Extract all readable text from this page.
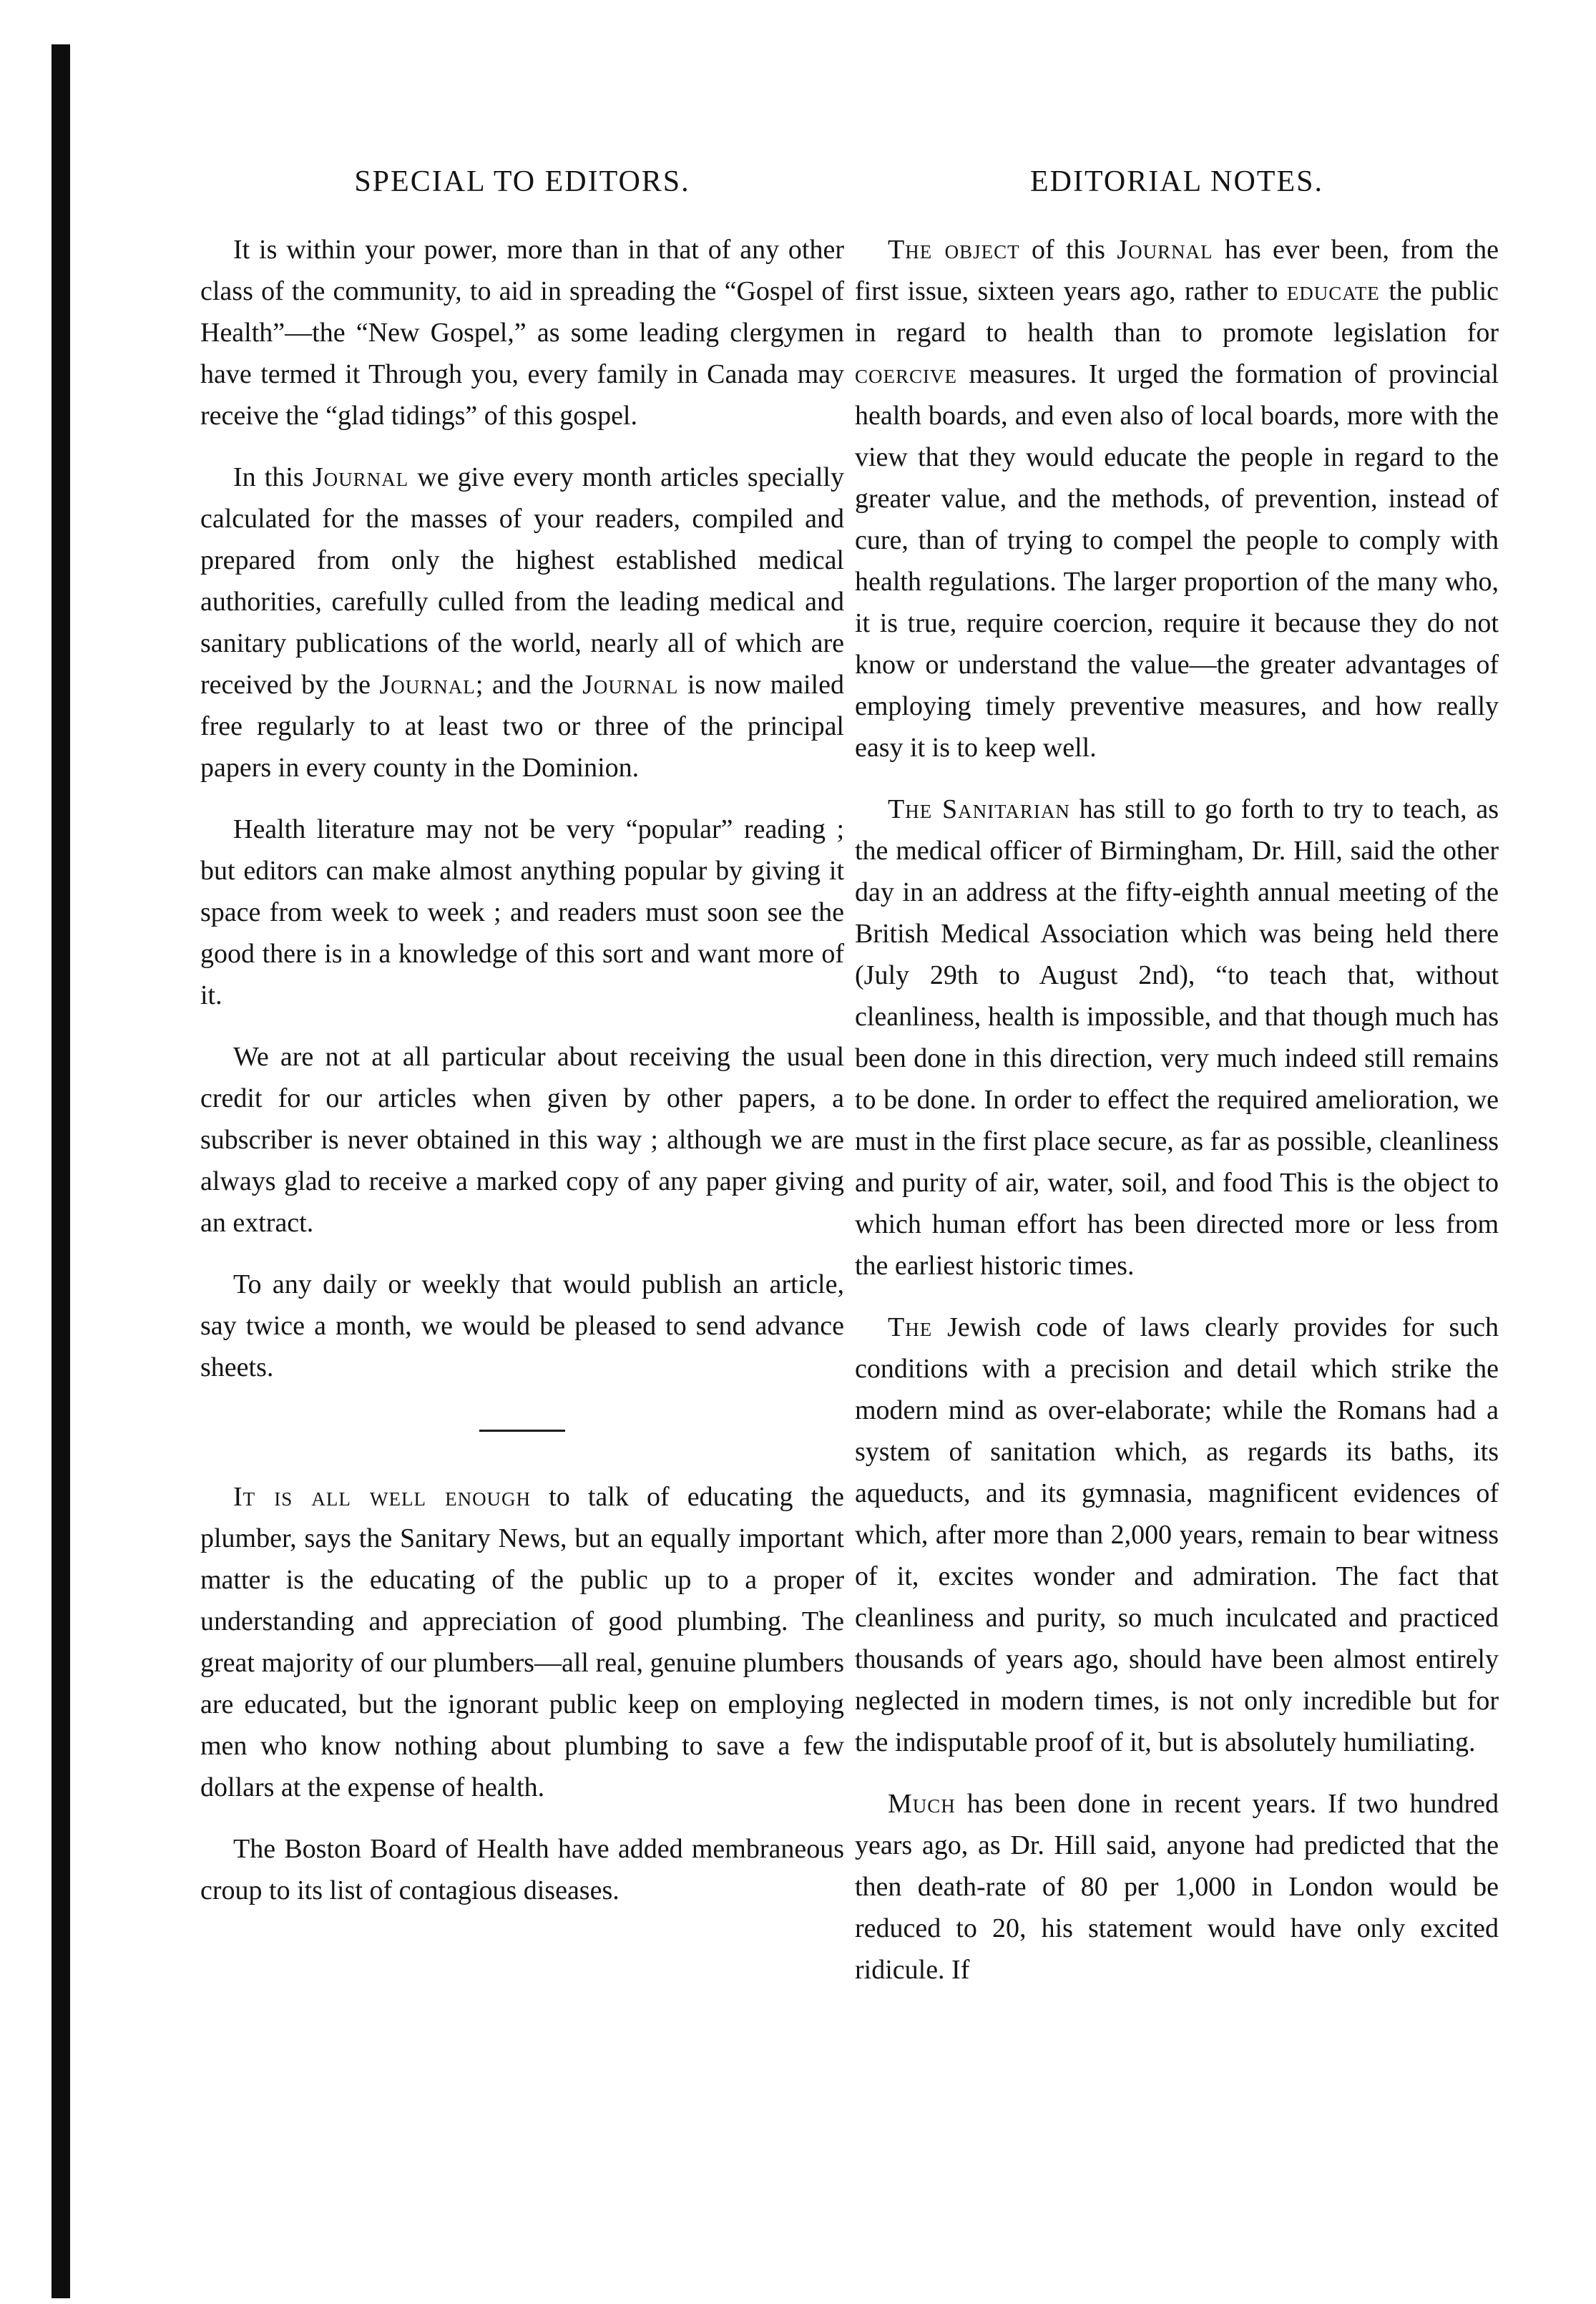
SPECIAL TO EDITORS.

It is within your power, more than in that of any other class of the community, to aid in spreading the “Gospel of Health”—the “New Gospel,” as some leading clergymen have termed it Through you, every family in Canada may receive the “glad tidings” of this gospel.

In this Journal we give every month articles specially calculated for the masses of your readers, compiled and prepared from only the highest established medical authorities, carefully culled from the leading medical and sanitary publications of the world, nearly all of which are received by the Journal; and the Journal is now mailed free regularly to at least two or three of the principal papers in every county in the Dominion.

Health literature may not be very “popular” reading ; but editors can make almost anything popular by giving it space from week to week ; and readers must soon see the good there is in a knowledge of this sort and want more of it.

We are not at all particular about receiving the usual credit for our articles when given by other papers, a subscriber is never obtained in this way ; although we are always glad to receive a marked copy of any paper giving an extract.

To any daily or weekly that would publish an article, say twice a month, we would be pleased to send advance sheets.

It is all well enough to talk of educating the plumber, says the Sanitary News, but an equally important matter is the educating of the public up to a proper understanding and appreciation of good plumbing. The great majority of our plumbers—all real, genuine plumbers are educated, but the ignorant public keep on employing men who know nothing about plumbing to save a few dollars at the expense of health.

The Boston Board of Health have added membraneous croup to its list of contagious diseases.

EDITORIAL NOTES.

The object of this Journal has ever been, from the first issue, sixteen years ago, rather to educate the public in regard to health than to promote legislation for coercive measures. It urged the formation of provincial health boards, and even also of local boards, more with the view that they would educate the people in regard to the greater value, and the methods, of prevention, instead of cure, than of trying to compel the people to comply with health regulations. The larger proportion of the many who, it is true, require coercion, require it because they do not know or understand the value—the greater advantages of employing timely preventive measures, and how really easy it is to keep well.

The Sanitarian has still to go forth to try to teach, as the medical officer of Birmingham, Dr. Hill, said the other day in an address at the fifty-eighth annual meeting of the British Medical Association which was being held there (July 29th to August 2nd), “to teach that, without cleanliness, health is impossible, and that though much has been done in this direction, very much indeed still remains to be done. In order to effect the required amelioration, we must in the first place secure, as far as possible, cleanliness and purity of air, water, soil, and food This is the object to which human effort has been directed more or less from the earliest historic times.

The Jewish code of laws clearly provides for such conditions with a precision and detail which strike the modern mind as over-elaborate; while the Romans had a system of sanitation which, as regards its baths, its aqueducts, and its gymnasia, magnificent evidences of which, after more than 2,000 years, remain to bear witness of it, excites wonder and admiration. The fact that cleanliness and purity, so much inculcated and practiced thousands of years ago, should have been almost entirely neglected in modern times, is not only incredible but for the indisputable proof of it, but is absolutely humiliating.

Much has been done in recent years. If two hundred years ago, as Dr. Hill said, anyone had predicted that the then death-rate of 80 per 1,000 in London would be reduced to 20, his statement would have only excited ridicule. If
